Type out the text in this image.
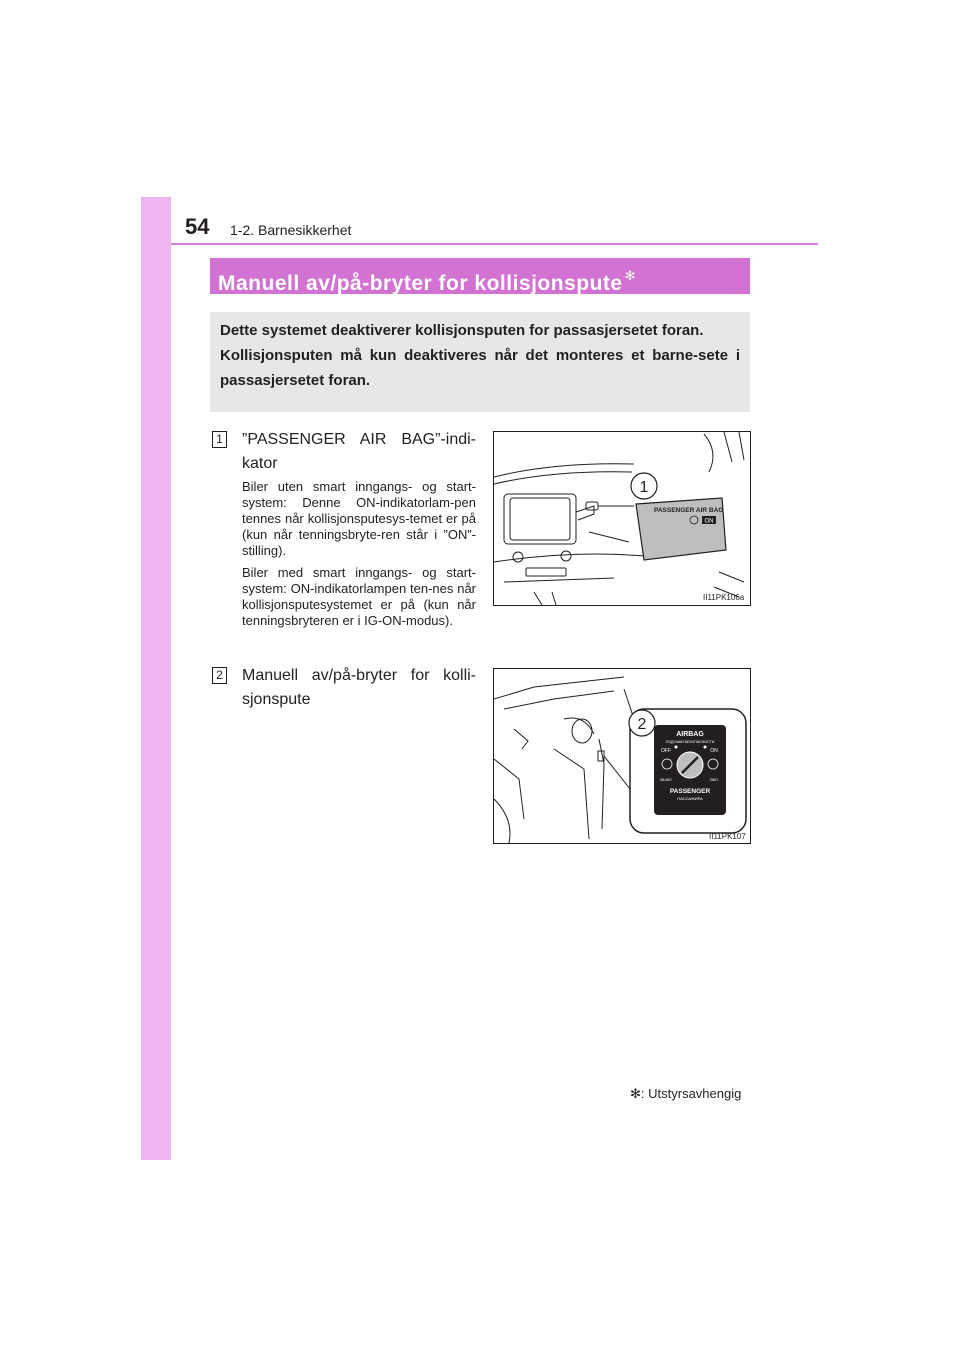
54 1-2. Barnesikkerhet
Manuell av/på-bryter for kollisjonspute ✻

Dette systemet deaktiverer kollisjonsputen for passasjersetet foran.

Kollisjonsputen må kun deaktiveres når det monteres et barne-sete i passasjersetet foran.

1 ”PASSENGER AIR BAG”-indi-kator

Biler uten smart inngangs- og start-system: Denne ON-indikatorlam-pen tennes når kollisjonsputesys-temet er på (kun når tenningsbryte-ren står i ”ON”-stilling).

Biler med smart inngangs- og start-system: ON-indikatorlampen ten-nes når kollisjonsputesystemet er på (kun når tenningsbryteren er i IG-ON-modus).

2 Manuell av/på-bryter for kolli-sjonspute
PASSENGER AIR BAG
ON
1
II11PK106a
2
AIRBAG
ПОДУШКИ БЕЗОПАСНОСТИ
OFF	ON
ВЫКЛ	ВКЛ
PASSENGER
ПАССАЖИРА
II11PK107
✻: Utstyrsavhengig
